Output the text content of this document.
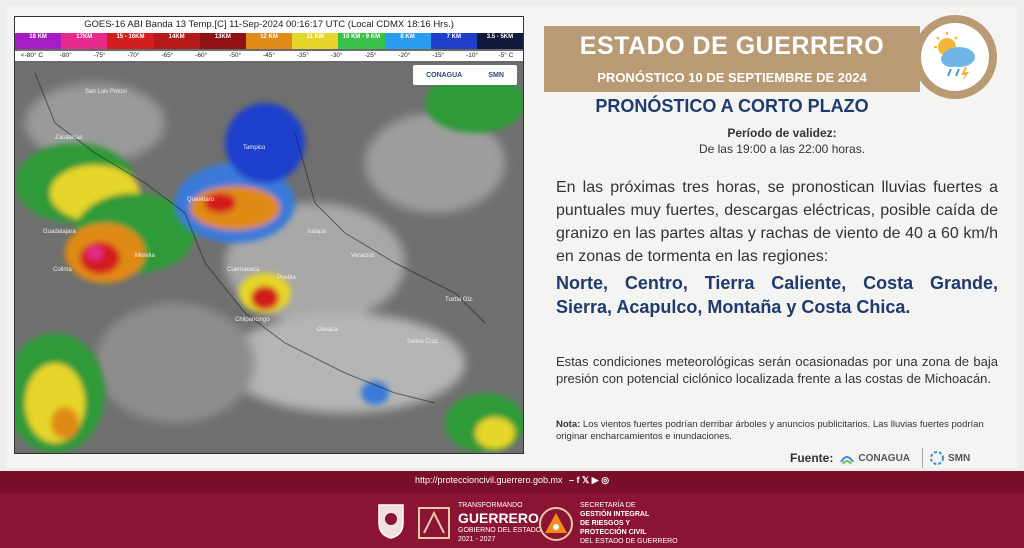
GOES-16 ABI Banda 13 Temp.[C] 11-Sep-2024 00:16:17 UTC (Local CDMX 18:16 Hrs.)
18 KM	17KM	15 - 16KM	14KM	13KM	12 KM	11 KM	10 KM - 9 KM	8 KM	7 KM	3.5 - 5KM
<-80° C	-80°	-75°	-70°	-65°	-60°	-50°	-45°	-35°	-30°	-25°	-20°	-15°	-10°	-5° C
CONAGUA	SMN
San Luis Potosí
Zacatecas
Tampico
Guadalajara
Querétaro
Xalapa
Colima
Morelia
Cuernavaca
Puebla
Oaxaca
Chilpancingo
Veracruz
Salina Cruz
Tuxtla Gtz.
ESTADO DE GUERRERO
PRONÓSTICO 10 DE SEPTIEMBRE DE 2024
PRONÓSTICO A CORTO PLAZO
Período de validez:
De las 19:00 a las 22:00 horas.
En las próximas tres horas, se pronostican lluvias fuertes a puntuales muy fuertes, descargas eléctricas, posible caída de granizo en las partes altas y rachas de viento de 40 a 60 km/h en zonas de tormenta en las regiones:
Norte, Centro, Tierra Caliente, Costa Grande, Sierra, Acapulco, Montaña y Costa Chica.
Estas condiciones meteorológicas serán ocasionadas por una zona de baja presión con potencial ciclónico localizada frente a las costas de Michoacán.
Nota: Los vientos fuertes podrían derribar árboles y anuncios publicitarios. Las lluvias fuertes podrían originar encharcamientos e inundaciones.
Fuente:	CONAGUA	SMN
http://proteccioncivil.guerrero.gob.mx – f 𝕏 ▶ ◎
TRANSFORMANDO
GUERRERO
GOBIERNO DEL ESTADO
2021 - 2027
SECRETARÍA DE
GESTIÓN INTEGRAL
DE RIESGOS Y
PROTECCIÓN CIVIL
DEL ESTADO DE GUERRERO
